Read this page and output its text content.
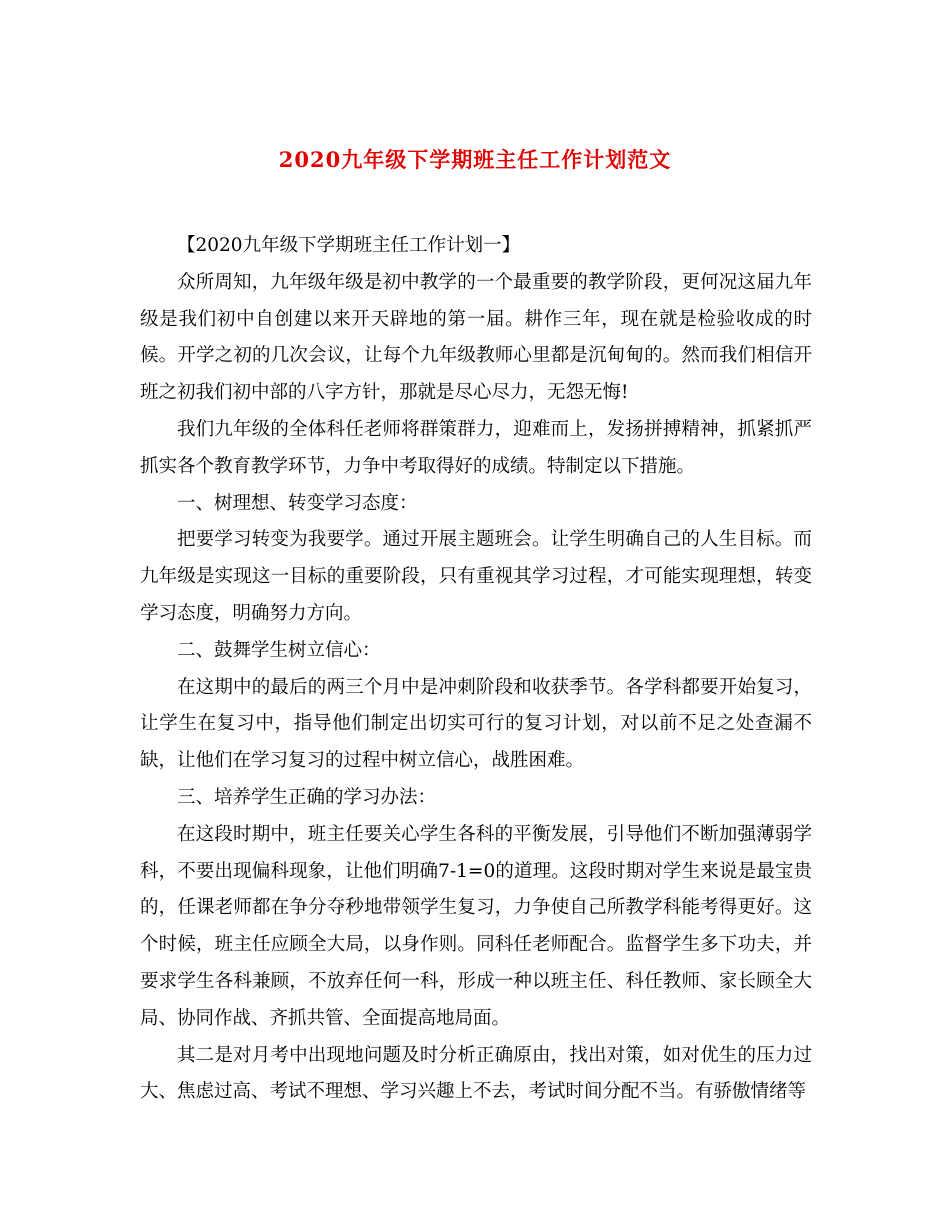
2020九年级下学期班主任工作计划范文

【2020九年级下学期班主任工作计划一】

众所周知，九年级年级是初中教学的一个最重要的教学阶段，更何况这届九年级是我们初中自创建以来开天辟地的第一届。耕作三年，现在就是检验收成的时候。开学之初的几次会议，让每个九年级教师心里都是沉甸甸的。然而我们相信开班之初我们初中部的八字方针，那就是尽心尽力，无怨无悔!

我们九年级的全体科任老师将群策群力，迎难而上，发扬拼搏精神，抓紧抓严抓实各个教育教学环节，力争中考取得好的成绩。特制定以下措施。

一、树理想、转变学习态度：

把要学习转变为我要学。通过开展主题班会。让学生明确自己的人生目标。而九年级是实现这一目标的重要阶段，只有重视其学习过程，才可能实现理想，转变学习态度，明确努力方向。

二、鼓舞学生树立信心：

在这期中的最后的两三个月中是冲刺阶段和收获季节。各学科都要开始复习，让学生在复习中，指导他们制定出切实可行的复习计划，对以前不足之处查漏不缺，让他们在学习复习的过程中树立信心，战胜困难。

三、培养学生正确的学习办法：

在这段时期中，班主任要关心学生各科的平衡发展，引导他们不断加强薄弱学科，不要出现偏科现象，让他们明确7-1=0的道理。这段时期对学生来说是最宝贵的，任课老师都在争分夺秒地带领学生复习，力争使自己所教学科能考得更好。这个时候，班主任应顾全大局，以身作则。同科任老师配合。监督学生多下功夫，并要求学生各科兼顾，不放弃任何一科，形成一种以班主任、科任教师、家长顾全大局、协同作战、齐抓共管、全面提高地局面。

其二是对月考中出现地问题及时分析正确原由，找出对策，如对优生的压力过大、焦虑过高、考试不理想、学习兴趣上不去，考试时间分配不当。有骄傲情绪等
